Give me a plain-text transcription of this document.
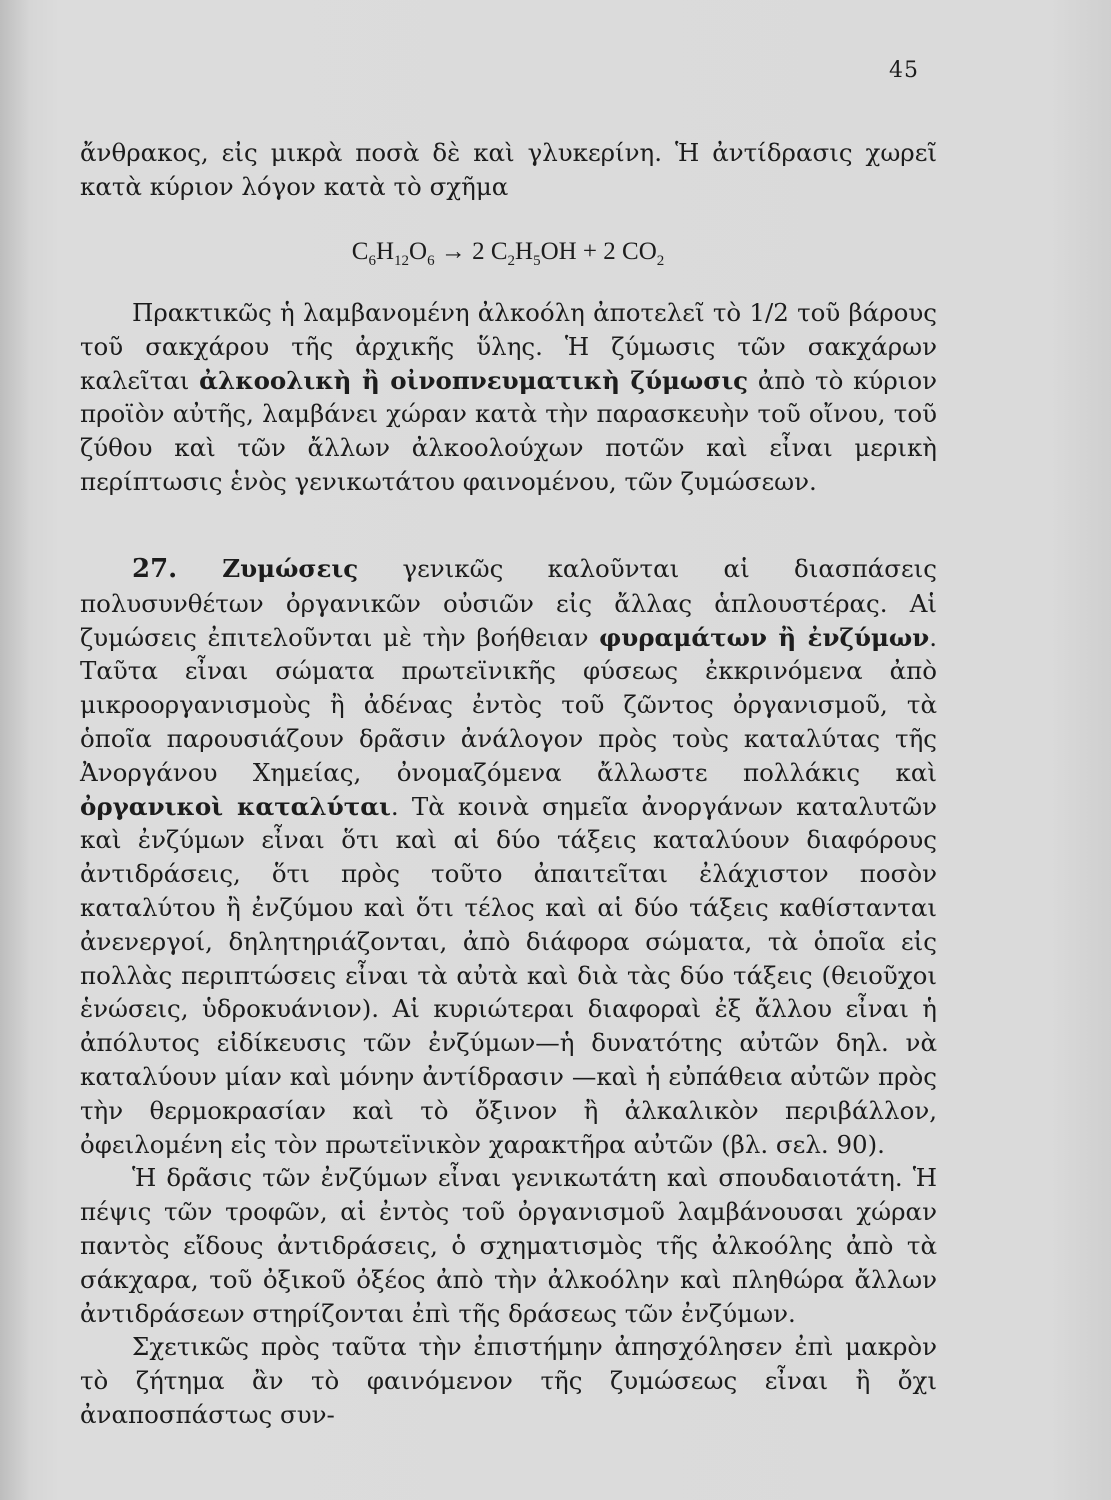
45

ἄνθρακος, εἰς μικρὰ ποσὰ δὲ καὶ γλυκερίνη. Ἡ ἀντίδρασις χωρεῖ κατὰ κύριον λόγον κατὰ τὸ σχῆμα

$C_6H_{12}O_6 \to 2$ $C_2H_5OH + 2$ $CO_2$

Πρακτικῶς ἡ λαμβανομένη ἀλκοόλη ἀποτελεῖ τὸ 1/2 τοῦ βάρους τοῦ σακχάρου τῆς ἀρχικῆς ὕλης. Ἡ ζύμωσις τῶν σακχάρων καλεῖται ἀλκοολικὴ ἢ οἰνοπνευματικὴ ζύμωσις ἀπὸ τὸ κύριον προϊὸν αὐτῆς, λαμβάνει χώραν κατὰ τὴν παρασκευὴν τοῦ οἴνου, τοῦ ζύθου καὶ τῶν ἄλλων ἀλκοολούχων ποτῶν καὶ εἶναι μερικὴ περίπτωσις ἑνὸς γενικωτάτου φαινομένου, τῶν ζυμώσεων.

27. Ζυμώσεις γενικῶς καλοῦνται αἱ διασπάσεις πολυσυνθέτων ὀργανικῶν οὐσιῶν εἰς ἄλλας ἁπλουστέρας. Αἱ ζυμώσεις ἐπιτελοῦνται μὲ τὴν βοήθειαν φυραμάτων ἢ ἐνζύμων. Ταῦτα εἶναι σώματα πρωτεϊνικῆς φύσεως ἐκκρινόμενα ἀπὸ μικροοργανισμοὺς ἢ ἀδένας ἐντὸς τοῦ ζῶντος ὀργανισμοῦ, τὰ ὁποῖα παρουσιάζουν δρᾶσιν ἀνάλογον πρὸς τοὺς καταλύτας τῆς Ἀνοργάνου Χημείας, ὀνομαζόμενα ἄλλωστε πολλάκις καὶ ὀργανικοὶ καταλύται. Τὰ κοινὰ σημεῖα ἀνοργάνων καταλυτῶν καὶ ἐνζύμων εἶναι ὅτι καὶ αἱ δύο τάξεις καταλύουν διαφόρους ἀντιδράσεις, ὅτι πρὸς τοῦτο ἀπαιτεῖται ἐλάχιστον ποσὸν καταλύτου ἢ ἐνζύμου καὶ ὅτι τέλος καὶ αἱ δύο τάξεις καθίστανται ἀνενεργοί, δηλητηριάζονται, ἀπὸ διάφορα σώματα, τὰ ὁποῖα εἰς πολλὰς περιπτώσεις εἶναι τὰ αὐτὰ καὶ διὰ τὰς δύο τάξεις (θειοῦχοι ἑνώσεις, ὑδροκυάνιον). Αἱ κυριώτεραι διαφοραὶ ἐξ ἄλλου εἶναι ἡ ἀπόλυτος εἰδίκευσις τῶν ἐνζύμων—ἡ δυνατότης αὐτῶν δηλ. νὰ καταλύουν μίαν καὶ μόνην ἀντίδρασιν —καὶ ἡ εὐπάθεια αὐτῶν πρὸς τὴν θερμοκρασίαν καὶ τὸ ὄξινον ἢ ἀλκαλικὸν περιβάλλον, ὀφειλομένη εἰς τὸν πρωτεϊνικὸν χαρακτῆρα αὐτῶν (βλ. σελ. 90).

Ἡ δρᾶσις τῶν ἐνζύμων εἶναι γενικωτάτη καὶ σπουδαιοτάτη. Ἡ πέψις τῶν τροφῶν, αἱ ἐντὸς τοῦ ὀργανισμοῦ λαμβάνουσαι χώραν παντὸς εἴδους ἀντιδράσεις, ὁ σχηματισμὸς τῆς ἀλκοόλης ἀπὸ τὰ σάκχαρα, τοῦ ὀξικοῦ ὀξέος ἀπὸ τὴν ἀλκοόλην καὶ πληθώρα ἄλλων ἀντιδράσεων στηρίζονται ἐπὶ τῆς δράσεως τῶν ἐνζύμων.

Σχετικῶς πρὸς ταῦτα τὴν ἐπιστήμην ἀπησχόλησεν ἐπὶ μακρὸν τὸ ζήτημα ἂν τὸ φαινόμενον τῆς ζυμώσεως εἶναι ἢ ὄχι ἀναποσπάστως συν-
